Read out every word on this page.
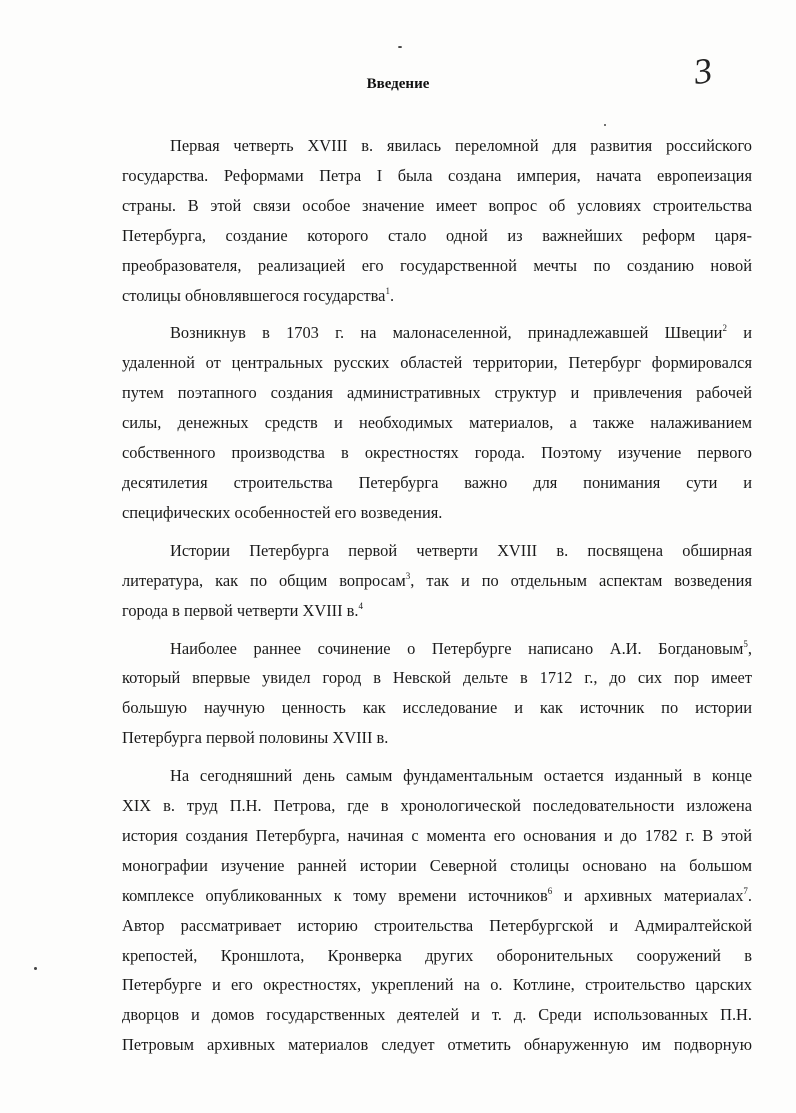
3
Введение

Первая четверть XVIII в. явилась переломной для развития российского
государства. Реформами Петра I была создана империя, начата европеизация
страны. В этой связи особое значение имеет вопрос об условиях строительства
Петербурга, создание которого стало одной из важнейших реформ царя-
преобразователя, реализацией его государственной мечты по созданию новой
столицы обновлявшегося государства$^1$.

Возникнув в 1703 г. на малонаселенной, принадлежавшей Швеции$^2$ и
удаленной от центральных русских областей территории, Петербург формировался
путем поэтапного создания административных структур и привлечения рабочей
силы, денежных средств и необходимых материалов, а также налаживанием
собственного производства в окрестностях города. Поэтому изучение первого
десятилетия строительства Петербурга важно для понимания сути и
специфических особенностей его возведения.

Истории Петербурга первой четверти XVIII в. посвящена обширная
литература, как по общим вопросам$^3$, так и по отдельным аспектам возведения
города в первой четверти XVIII в.$^4$

Наиболее раннее сочинение о Петербурге написано А.И. Богдановым$^5$,
который впервые увидел город в Невской дельте в 1712 г., до сих пор имеет
большую научную ценность как исследование и как источник по истории
Петербурга первой половины XVIII в.

На сегодняшний день самым фундаментальным остается изданный в конце
XIX в. труд П.Н. Петрова, где в хронологической последовательности изложена
история создания Петербурга, начиная с момента его основания и до 1782 г. В этой
монографии изучение ранней истории Северной столицы основано на большом
комплексе опубликованных к тому времени источников$^6$ и архивных материалах$^7$.
Автор рассматривает историю строительства Петербургской и Адмиралтейской
крепостей, Кроншлота, Кронверка других оборонительных сооружений в
Петербурге и его окрестностях, укреплений на о. Котлине, строительство царских
дворцов и домов государственных деятелей и т. д. Среди использованных П.Н.
Петровым архивных материалов следует отметить обнаруженную им подворную
